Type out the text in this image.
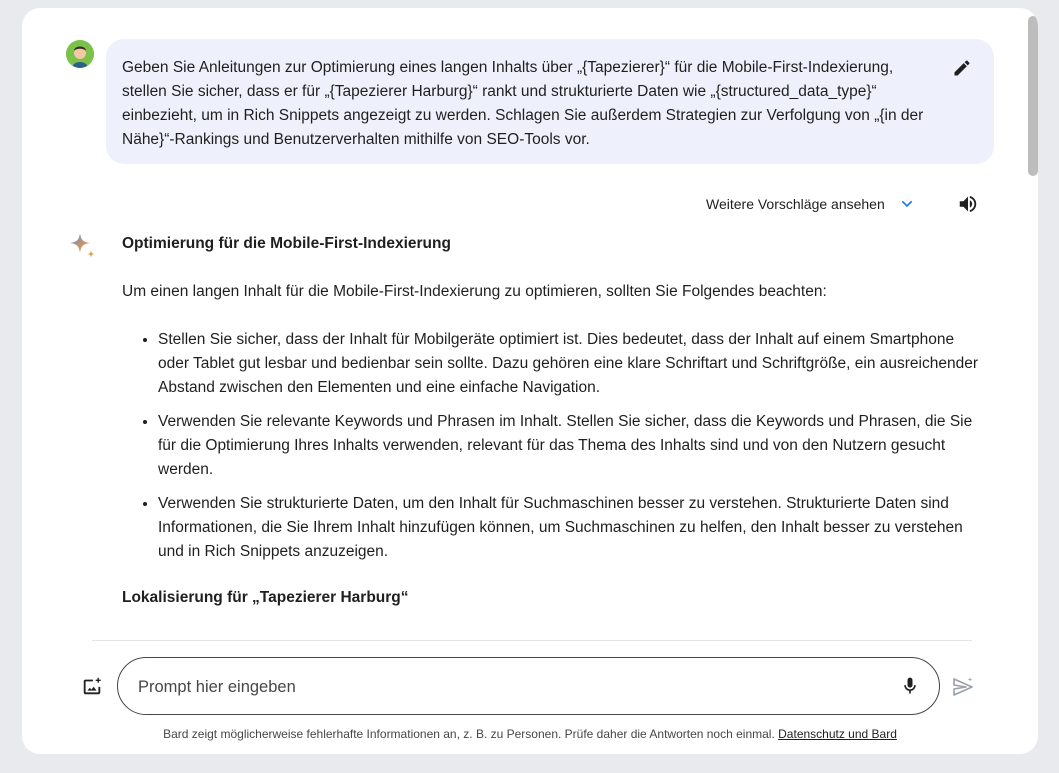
Geben Sie Anleitungen zur Optimierung eines langen Inhalts über „{Tapezierer}“ für die Mobile-First-Indexierung, stellen Sie sicher, dass er für „{Tapezierer Harburg}“ rankt und strukturierte Daten wie „{structured_data_type}“ einbezieht, um in Rich Snippets angezeigt zu werden. Schlagen Sie außerdem Strategien zur Verfolgung von „{in der Nähe}“-Rankings und Benutzerverhalten mithilfe von SEO-Tools vor.
Weitere Vorschläge ansehen
Optimierung für die Mobile-First-Indexierung
Um einen langen Inhalt für die Mobile-First-Indexierung zu optimieren, sollten Sie Folgendes beachten:
• Stellen Sie sicher, dass der Inhalt für Mobilgeräte optimiert ist. Dies bedeutet, dass der Inhalt auf einem Smartphone oder Tablet gut lesbar und bedienbar sein sollte. Dazu gehören eine klare Schriftart und Schriftgröße, ein ausreichender Abstand zwischen den Elementen und eine einfache Navigation.
• Verwenden Sie relevante Keywords und Phrasen im Inhalt. Stellen Sie sicher, dass die Keywords und Phrasen, die Sie für die Optimierung Ihres Inhalts verwenden, relevant für das Thema des Inhalts sind und von den Nutzern gesucht werden.
• Verwenden Sie strukturierte Daten, um den Inhalt für Suchmaschinen besser zu verstehen. Strukturierte Daten sind Informationen, die Sie Ihrem Inhalt hinzufügen können, um Suchmaschinen zu helfen, den Inhalt besser zu verstehen und in Rich Snippets anzuzeigen.
Lokalisierung für „Tapezierer Harburg“
Prompt hier eingeben
Bard zeigt möglicherweise fehlerhafte Informationen an, z. B. zu Personen. Prüfe daher die Antworten noch einmal. Datenschutz und Bard
